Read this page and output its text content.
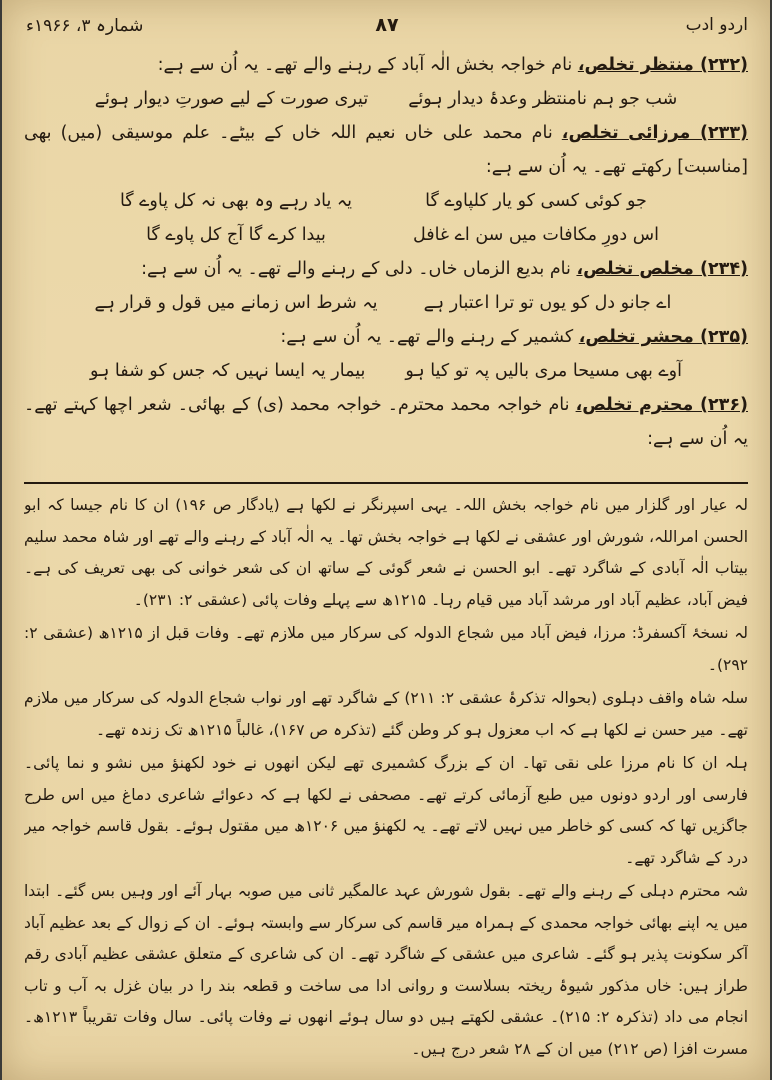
اردو ادب
۸۷
شمارہ ۳، ۱۹۶۶ء

(۲۳۲) منتظر تخلص، نام خواجہ بخش الٰہ آباد کے رہنے والے تھے۔ یہ اُن سے ہے:

شب جو ہم نامنتظر وعدۂ دیدار ہوئے
تیری صورت کے لیے صورتِ دیوار ہوئے

(۲۳۳) مرزائی تخلص، نام محمد علی خاں نعیم اللہ خاں کے بیٹے۔ علم موسیقی (میں) بھی [مناسبت] رکھتے تھے۔ یہ اُن سے ہے:

جو کوئی کسی کو یار کلپاوے گا
یہ یاد رہے وہ بھی نہ کل پاوے گا
اس دورِ مکافات میں سن اے غافل
بیدا کرے گا آج کل پاوے گا

(۲۳۴) مخلص تخلص، نام بدیع الزماں خاں۔ دلی کے رہنے والے تھے۔ یہ اُن سے ہے:

اے جانو دل کو یوں تو ترا اعتبار ہے
یہ شرط اس زمانے میں قول و قرار ہے

(۲۳۵) محشر تخلص، کشمیر کے رہنے والے تھے۔ یہ اُن سے ہے:

آوے بھی مسیحا مری بالیں پہ تو کیا ہو
بیمار یہ ایسا نہیں کہ جس کو شفا ہو

(۲۳۶) محترم تخلص، نام خواجہ محمد محترم۔ خواجہ محمد (ی) کے بھائی۔ شعر اچھا کہتے تھے۔ یہ اُن سے ہے:

لہ عیار اور گلزار میں نام خواجہ بخش اللہ۔ یہی اسپرنگر نے لکھا ہے (یادگار ص ۱۹۶) ان کا نام جیسا کہ ابو الحسن امراللہ، شورش اور عشقی نے لکھا ہے خواجہ بخش تھا۔ یہ الٰہ آباد کے رہنے والے تھے اور شاہ محمد سلیم بیتاب الٰہ آبادی کے شاگرد تھے۔ ابو الحسن نے شعر گوئی کے ساتھ ان کی شعر خوانی کی بھی تعریف کی ہے۔ فیض آباد، عظیم آباد اور مرشد آباد میں قیام رہا۔ ۱۲۱۵ھ سے پہلے وفات پائی (عشقی ۲: ۲۳۱)۔

لہ نسخۂ آکسفرڈ: مرزا، فیض آباد میں شجاع الدولہ کی سرکار میں ملازم تھے۔ وفات قبل از ۱۲۱۵ھ (عشقی ۲: ۲۹۲)۔

سلہ شاہ واقف دہلوی (بحوالہ تذکرۂ عشقی ۲: ۲۱۱) کے شاگرد تھے اور نواب شجاع الدولہ کی سرکار میں ملازم تھے۔ میر حسن نے لکھا ہے کہ اب معزول ہو کر وطن گئے (تذکرہ ص ۱۶۷)، غالباً ۱۲۱۵ھ تک زندہ تھے۔

ہلہ ان کا نام مرزا علی نقی تھا۔ ان کے بزرگ کشمیری تھے لیکن انھوں نے خود لکھنؤ میں نشو و نما پائی۔ فارسی اور اردو دونوں میں طبع آزمائی کرتے تھے۔ مصحفی نے لکھا ہے کہ دعوائے شاعری دماغ میں اس طرح جاگزیں تھا کہ کسی کو خاطر میں نہیں لاتے تھے۔ یہ لکھنؤ میں ۱۲۰۶ھ میں مقتول ہوئے۔ بقول قاسم خواجہ میر درد کے شاگرد تھے۔

شہ محترم دہلی کے رہنے والے تھے۔ بقول شورش عہد عالمگیر ثانی میں صوبہ بہار آئے اور وہیں بس گئے۔ ابتدا میں یہ اپنے بھائی خواجہ محمدی کے ہمراہ میر قاسم کی سرکار سے وابستہ ہوئے۔ ان کے زوال کے بعد عظیم آباد آکر سکونت پذیر ہو گئے۔ شاعری میں عشقی کے شاگرد تھے۔ ان کی شاعری کے متعلق عشقی عظیم آبادی رقم طراز ہیں: خاں مذکور شیوۂ ریختہ بسلاست و روانی ادا می ساخت و قطعہ بند را در بیان غزل بہ آب و تاب انجام می داد (تذکرہ ۲: ۲۱۵)۔ عشقی لکھتے ہیں دو سال ہوئے انھوں نے وفات پائی۔ سال وفات تقریباً ۱۲۱۳ھ۔ مسرت افزا (ص ۲۱۲) میں ان کے ۲۸ شعر درج ہیں۔
